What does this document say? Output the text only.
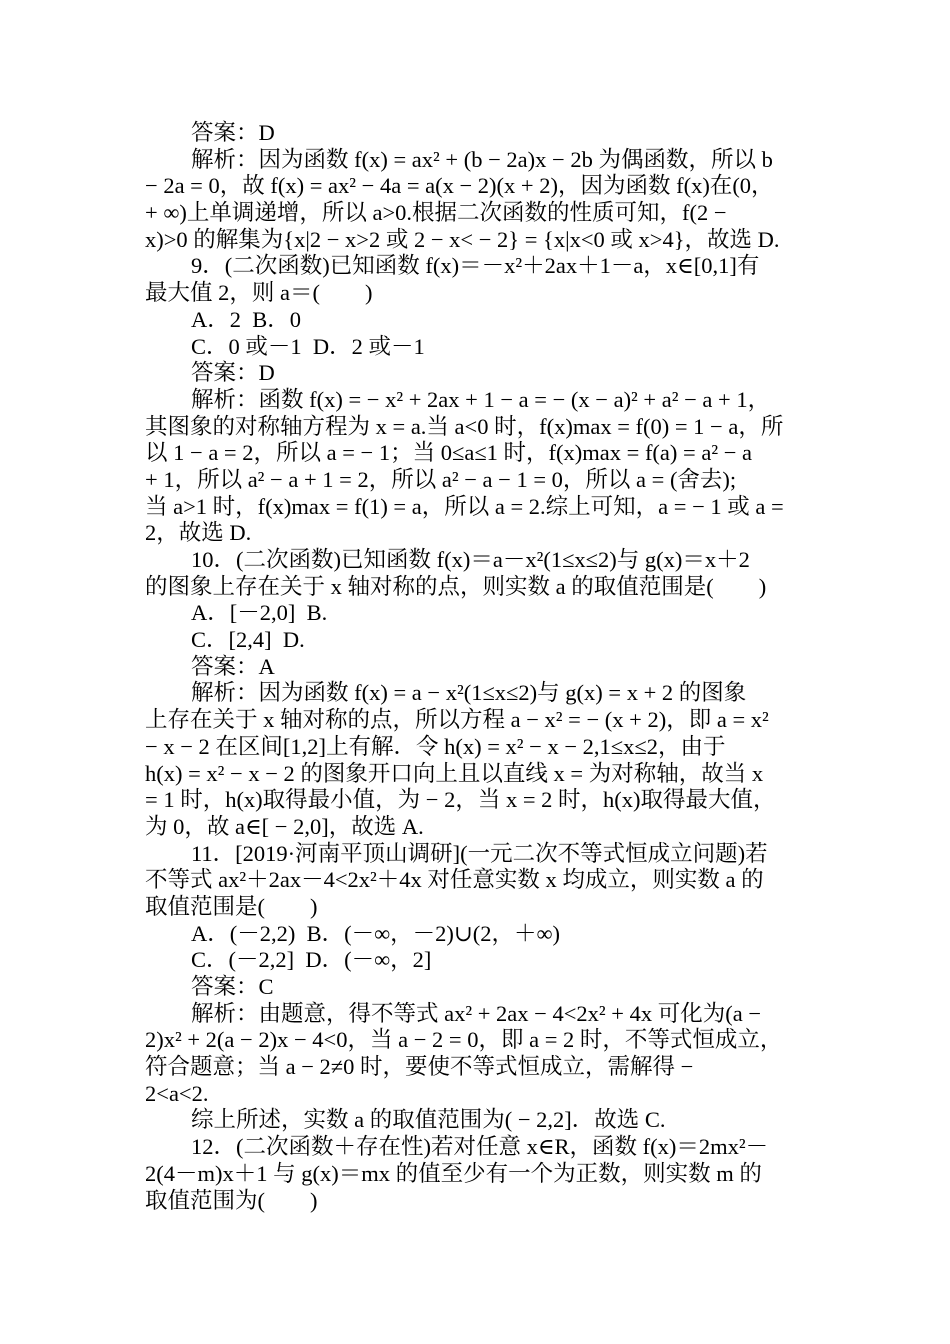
答案：D
解析：因为函数 f(x) = ax² + (b − 2a)x − 2b 为偶函数，所以 b
− 2a = 0，故 f(x) = ax² − 4a = a(x − 2)(x + 2)，因为函数 f(x)在(0，
+ ∞)上单调递增，所以 a>0.根据二次函数的性质可知，f(2 −
x)>0 的解集为{x|2 − x>2 或 2 − x< − 2} = {x|x<0 或 x>4}，故选 D.
9．(二次函数)已知函数 f(x)＝－x²＋2ax＋1－a，x∈[0,1]有
最大值 2，则 a＝(　　)
A．2  B．0
C．0 或－1  D．2 或－1
答案：D
解析：函数 f(x) = − x² + 2ax + 1 − a = − (x − a)² + a² − a + 1，
其图象的对称轴方程为 x = a.当 a<0 时，f(x)max = f(0) = 1 − a，所
以 1 − a = 2，所以 a = − 1；当 0≤a≤1 时，f(x)max = f(a) = a² − a
+ 1，所以 a² − a + 1 = 2，所以 a² − a − 1 = 0，所以 a = (舍去);
当 a>1 时，f(x)max = f(1) = a，所以 a = 2.综上可知，a = − 1 或 a =
2，故选 D.
10．(二次函数)已知函数 f(x)＝a－x²(1≤x≤2)与 g(x)＝x＋2
的图象上存在关于 x 轴对称的点，则实数 a 的取值范围是(　　)
A．[－2,0]  B.
C．[2,4]  D.
答案：A
解析：因为函数 f(x) = a − x²(1≤x≤2)与 g(x) = x + 2 的图象
上存在关于 x 轴对称的点，所以方程 a − x² = − (x + 2)，即 a = x²
− x − 2 在区间[1,2]上有解．令 h(x) = x² − x − 2,1≤x≤2，由于
h(x) = x² − x − 2 的图象开口向上且以直线 x = 为对称轴，故当 x
= 1 时，h(x)取得最小值，为 − 2，当 x = 2 时，h(x)取得最大值，
为 0，故 a∈[ − 2,0]，故选 A.
11．[2019·河南平顶山调研](一元二次不等式恒成立问题)若
不等式 ax²＋2ax－4<2x²＋4x 对任意实数 x 均成立，则实数 a 的
取值范围是(　　)
A．(－2,2)  B．(－∞，－2)∪(2，＋∞)
C．(－2,2]  D．(－∞，2]
答案：C
解析：由题意，得不等式 ax² + 2ax − 4<2x² + 4x 可化为(a −
2)x² + 2(a − 2)x − 4<0，当 a − 2 = 0，即 a = 2 时，不等式恒成立，
符合题意；当 a − 2≠0 时，要使不等式恒成立，需解得 −
2<a<2.
综上所述，实数 a 的取值范围为( − 2,2]．故选 C.
12．(二次函数＋存在性)若对任意 x∈R，函数 f(x)＝2mx²－
2(4－m)x＋1 与 g(x)＝mx 的值至少有一个为正数，则实数 m 的
取值范围为(　　)
